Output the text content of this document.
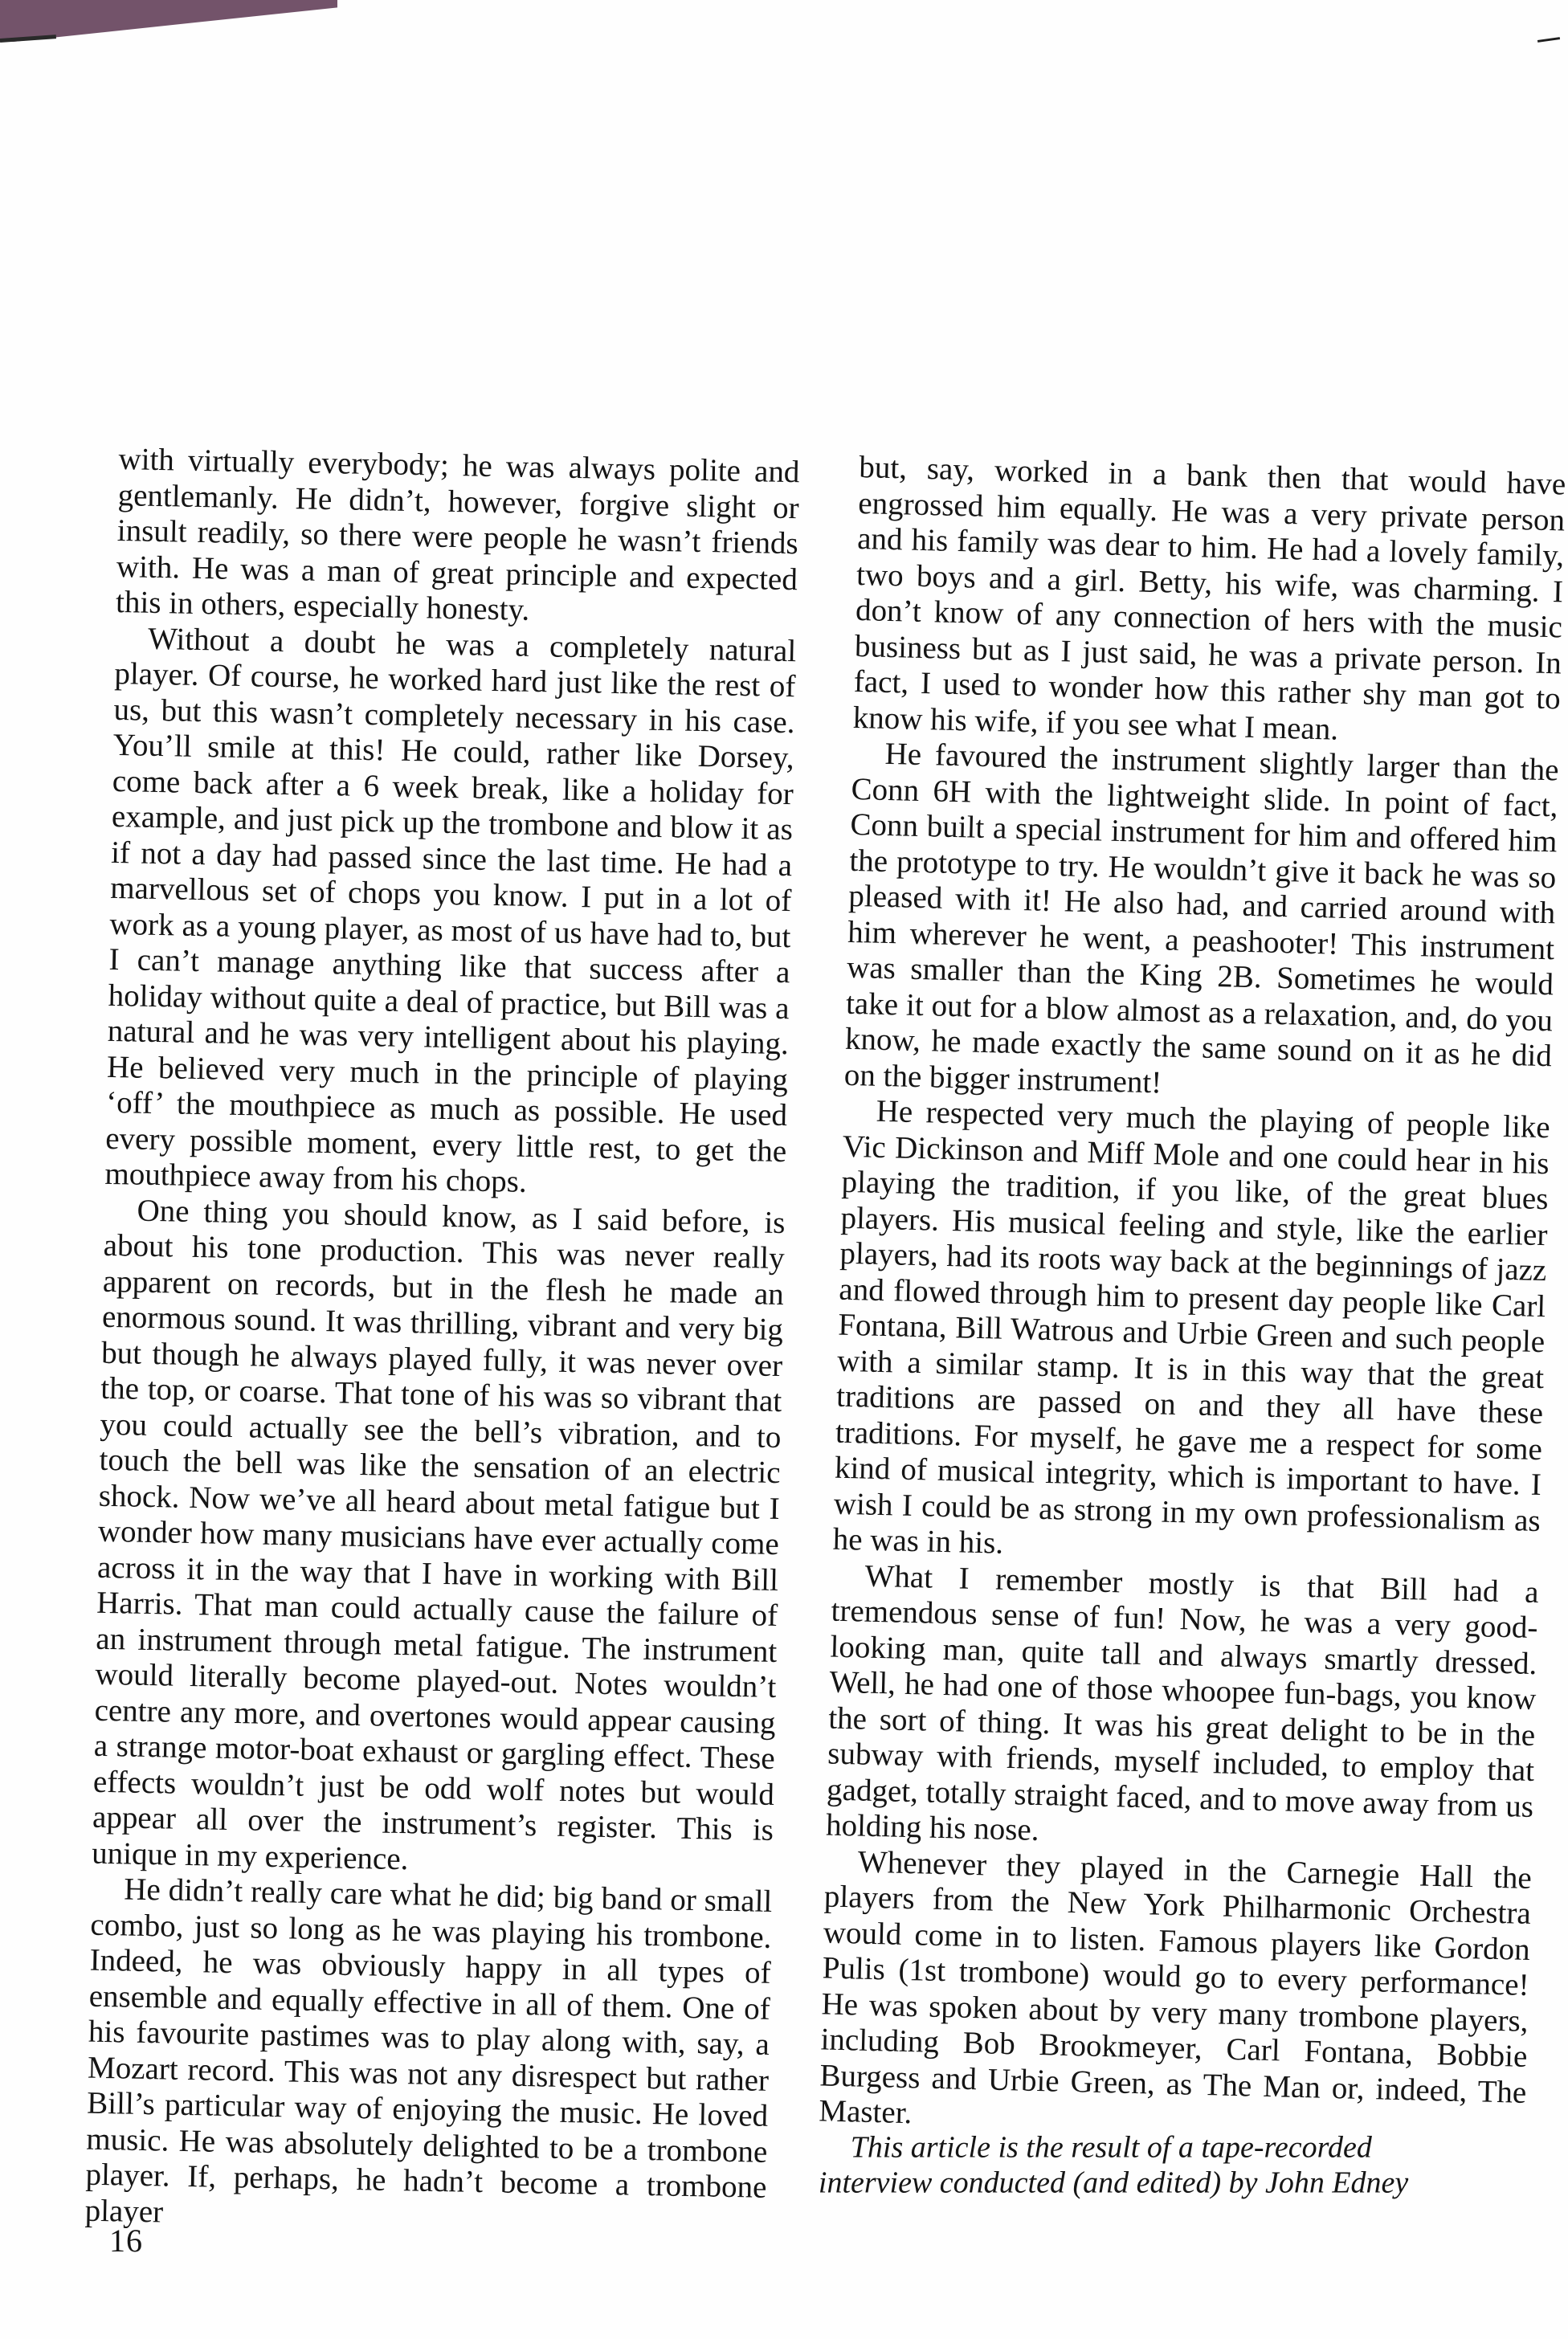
with virtually everybody; he was always polite and gentlemanly. He didn’t, however, forgive slight or insult readily, so there were people he wasn’t friends with. He was a man of great principle and expected this in others, especially honesty.

Without a doubt he was a completely natural player. Of course, he worked hard just like the rest of us, but this wasn’t completely necessary in his case. You’ll smile at this! He could, rather like Dorsey, come back after a 6 week break, like a holiday for example, and just pick up the trombone and blow it as if not a day had passed since the last time. He had a marvellous set of chops you know. I put in a lot of work as a young player, as most of us have had to, but I can’t manage anything like that success after a holiday without quite a deal of practice, but Bill was a natural and he was very intelligent about his playing. He believed very much in the principle of playing ‘off’ the mouthpiece as much as possible. He used every possible moment, every little rest, to get the mouthpiece away from his chops.

One thing you should know, as I said before, is about his tone production. This was never really apparent on records, but in the flesh he made an enormous sound. It was thrilling, vibrant and very big but though he always played fully, it was never over the top, or coarse. That tone of his was so vibrant that you could actually see the bell’s vibration, and to touch the bell was like the sensation of an electric shock. Now we’ve all heard about metal fatigue but I wonder how many musicians have ever actually come across it in the way that I have in working with Bill Harris. That man could actually cause the failure of an instrument through metal fatigue. The instrument would literally become played-out. Notes wouldn’t centre any more, and overtones would appear causing a strange motor-boat exhaust or gargling effect. These effects wouldn’t just be odd wolf notes but would appear all over the instrument’s register. This is unique in my experience.

He didn’t really care what he did; big band or small combo, just so long as he was playing his trombone. Indeed, he was obviously happy in all types of ensemble and equally effective in all of them. One of his favourite pastimes was to play along with, say, a Mozart record. This was not any disrespect but rather Bill’s particular way of enjoying the music. He loved music. He was absolutely delighted to be a trombone player. If, perhaps, he hadn’t become a trombone player

but, say, worked in a bank then that would have engrossed him equally. He was a very private person and his family was dear to him. He had a lovely family, two boys and a girl. Betty, his wife, was charming. I don’t know of any connection of hers with the music business but as I just said, he was a private person. In fact, I used to wonder how this rather shy man got to know his wife, if you see what I mean.

He favoured the instrument slightly larger than the Conn 6H with the lightweight slide. In point of fact, Conn built a special instrument for him and offered him the prototype to try. He wouldn’t give it back he was so pleased with it! He also had, and carried around with him wherever he went, a peashooter! This instrument was smaller than the King 2B. Sometimes he would take it out for a blow almost as a relaxation, and, do you know, he made exactly the same sound on it as he did on the bigger instrument!

He respected very much the playing of people like Vic Dickinson and Miff Mole and one could hear in his playing the tradition, if you like, of the great blues players. His musical feeling and style, like the earlier players, had its roots way back at the beginnings of jazz and flowed through him to present day people like Carl Fontana, Bill Watrous and Urbie Green and such people with a similar stamp. It is in this way that the great traditions are passed on and they all have these traditions. For myself, he gave me a respect for some kind of musical integrity, which is important to have. I wish I could be as strong in my own professionalism as he was in his.

What I remember mostly is that Bill had a tremendous sense of fun! Now, he was a very good-looking man, quite tall and always smartly dressed. Well, he had one of those whoopee fun-bags, you know the sort of thing. It was his great delight to be in the subway with friends, myself included, to employ that gadget, totally straight faced, and to move away from us holding his nose.

Whenever they played in the Carnegie Hall the players from the New York Philharmonic Orchestra would come in to listen. Famous players like Gordon Pulis (1st trombone) would go to every performance! He was spoken about by very many trombone players, including Bob Brookmeyer, Carl Fontana, Bobbie Burgess and Urbie Green, as The Man or, indeed, The Master.

This article is the result of a tape-recorded interview conducted (and edited) by John Edney

16
